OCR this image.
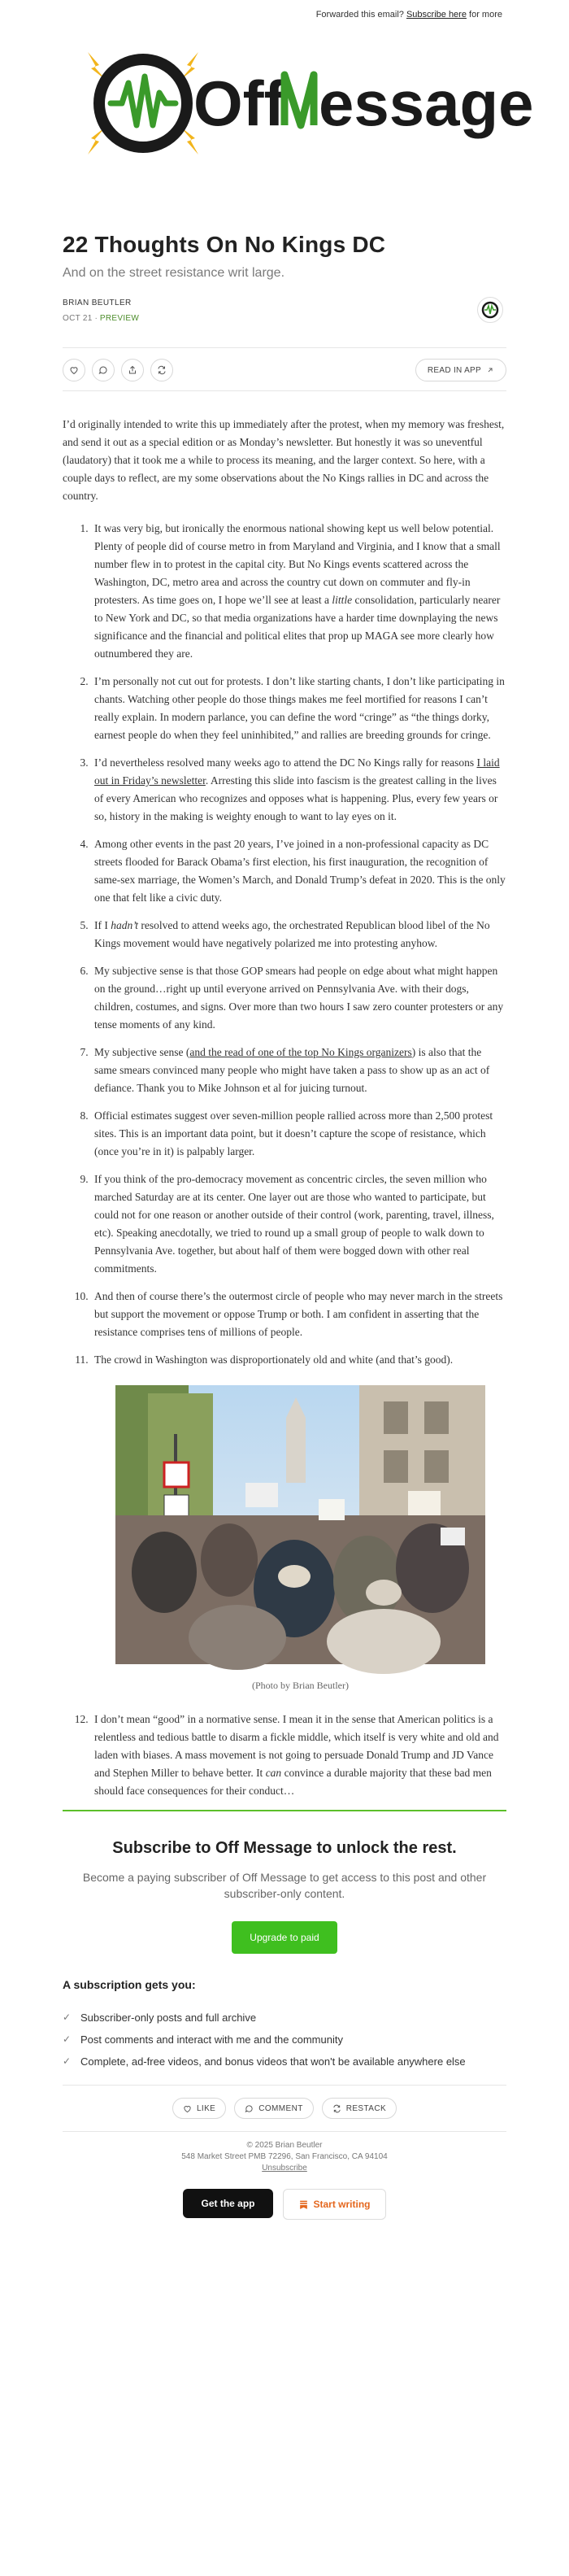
Forwarded this email? Subscribe here for more
Off essage
22 Thoughts On No Kings DC
And on the street resistance writ large.
BRIAN BEUTLER
OCT 21 ∙ PREVIEW
READ IN APP

I’d originally intended to write this up immediately after the protest, when my memory was freshest, and send it out as a special edition or as Monday’s newsletter. But honestly it was so uneventful (laudatory) that it took me a while to process its meaning, and the larger context. So here, with a couple days to reflect, are my some observations about the No Kings rallies in DC and across the country.

1. It was very big, but ironically the enormous national showing kept us well below potential. Plenty of people did of course metro in from Maryland and Virginia, and I know that a small number flew in to protest in the capital city. But No Kings events scattered across the Washington, DC, metro area and across the country cut down on commuter and fly-in protesters. As time goes on, I hope we’ll see at least a little consolidation, particularly nearer to New York and DC, so that media organizations have a harder time downplaying the news significance and the financial and political elites that prop up MAGA see more clearly how outnumbered they are.
2. I’m personally not cut out for protests. I don’t like starting chants, I don’t like participating in chants. Watching other people do those things makes me feel mortified for reasons I can’t really explain. In modern parlance, you can define the word “cringe” as “the things dorky, earnest people do when they feel uninhibited,” and rallies are breeding grounds for cringe.
3. I’d nevertheless resolved many weeks ago to attend the DC No Kings rally for reasons I laid out in Friday’s newsletter. Arresting this slide into fascism is the greatest calling in the lives of every American who recognizes and opposes what is happening. Plus, every few years or so, history in the making is weighty enough to want to lay eyes on it.
4. Among other events in the past 20 years, I’ve joined in a non-professional capacity as DC streets flooded for Barack Obama’s first election, his first inauguration, the recognition of same-sex marriage, the Women’s March, and Donald Trump’s defeat in 2020. This is the only one that felt like a civic duty.
5. If I hadn’t resolved to attend weeks ago, the orchestrated Republican blood libel of the No Kings movement would have negatively polarized me into protesting anyhow.
6. My subjective sense is that those GOP smears had people on edge about what might happen on the ground…right up until everyone arrived on Pennsylvania Ave. with their dogs, children, costumes, and signs. Over more than two hours I saw zero counter protesters or any tense moments of any kind.
7. My subjective sense (and the read of one of the top No Kings organizers) is also that the same smears convinced many people who might have taken a pass to show up as an act of defiance. Thank you to Mike Johnson et al for juicing turnout.
8. Official estimates suggest over seven-million people rallied across more than 2,500 protest sites. This is an important data point, but it doesn’t capture the scope of resistance, which (once you’re in it) is palpably larger.
9. If you think of the pro-democracy movement as concentric circles, the seven million who marched Saturday are at its center. One layer out are those who wanted to participate, but could not for one reason or another outside of their control (work, parenting, travel, illness, etc). Speaking anecdotally, we tried to round up a small group of people to walk down to Pennsylvania Ave. together, but about half of them were bogged down with other real commitments.
10. And then of course there’s the outermost circle of people who may never march in the streets but support the movement or oppose Trump or both. I am confident in asserting that the resistance comprises tens of millions of people.
11. The crowd in Washington was disproportionately old and white (and that’s good).
(Photo by Brian Beutler)
12. I don’t mean “good” in a normative sense. I mean it in the sense that American politics is a relentless and tedious battle to disarm a fickle middle, which itself is very white and old and laden with biases. A mass movement is not going to persuade Donald Trump and JD Vance and Stephen Miller to behave better. It can convince a durable majority that these bad men should face consequences for their conduct…
Subscribe to Off Message to unlock the rest.

Become a paying subscriber of Off Message to get access to this post and other subscriber-only content.

Upgrade to paid
A subscription gets you:
✓ Subscriber-only posts and full archive
✓ Post comments and interact with me and the community
✓ Complete, ad-free videos, and bonus videos that won't be available anywhere else
LIKE	COMMENT	RESTACK
© 2025 Brian Beutler
548 Market Street PMB 72296, San Francisco, CA 94104
Unsubscribe
Get the app	Start writing
